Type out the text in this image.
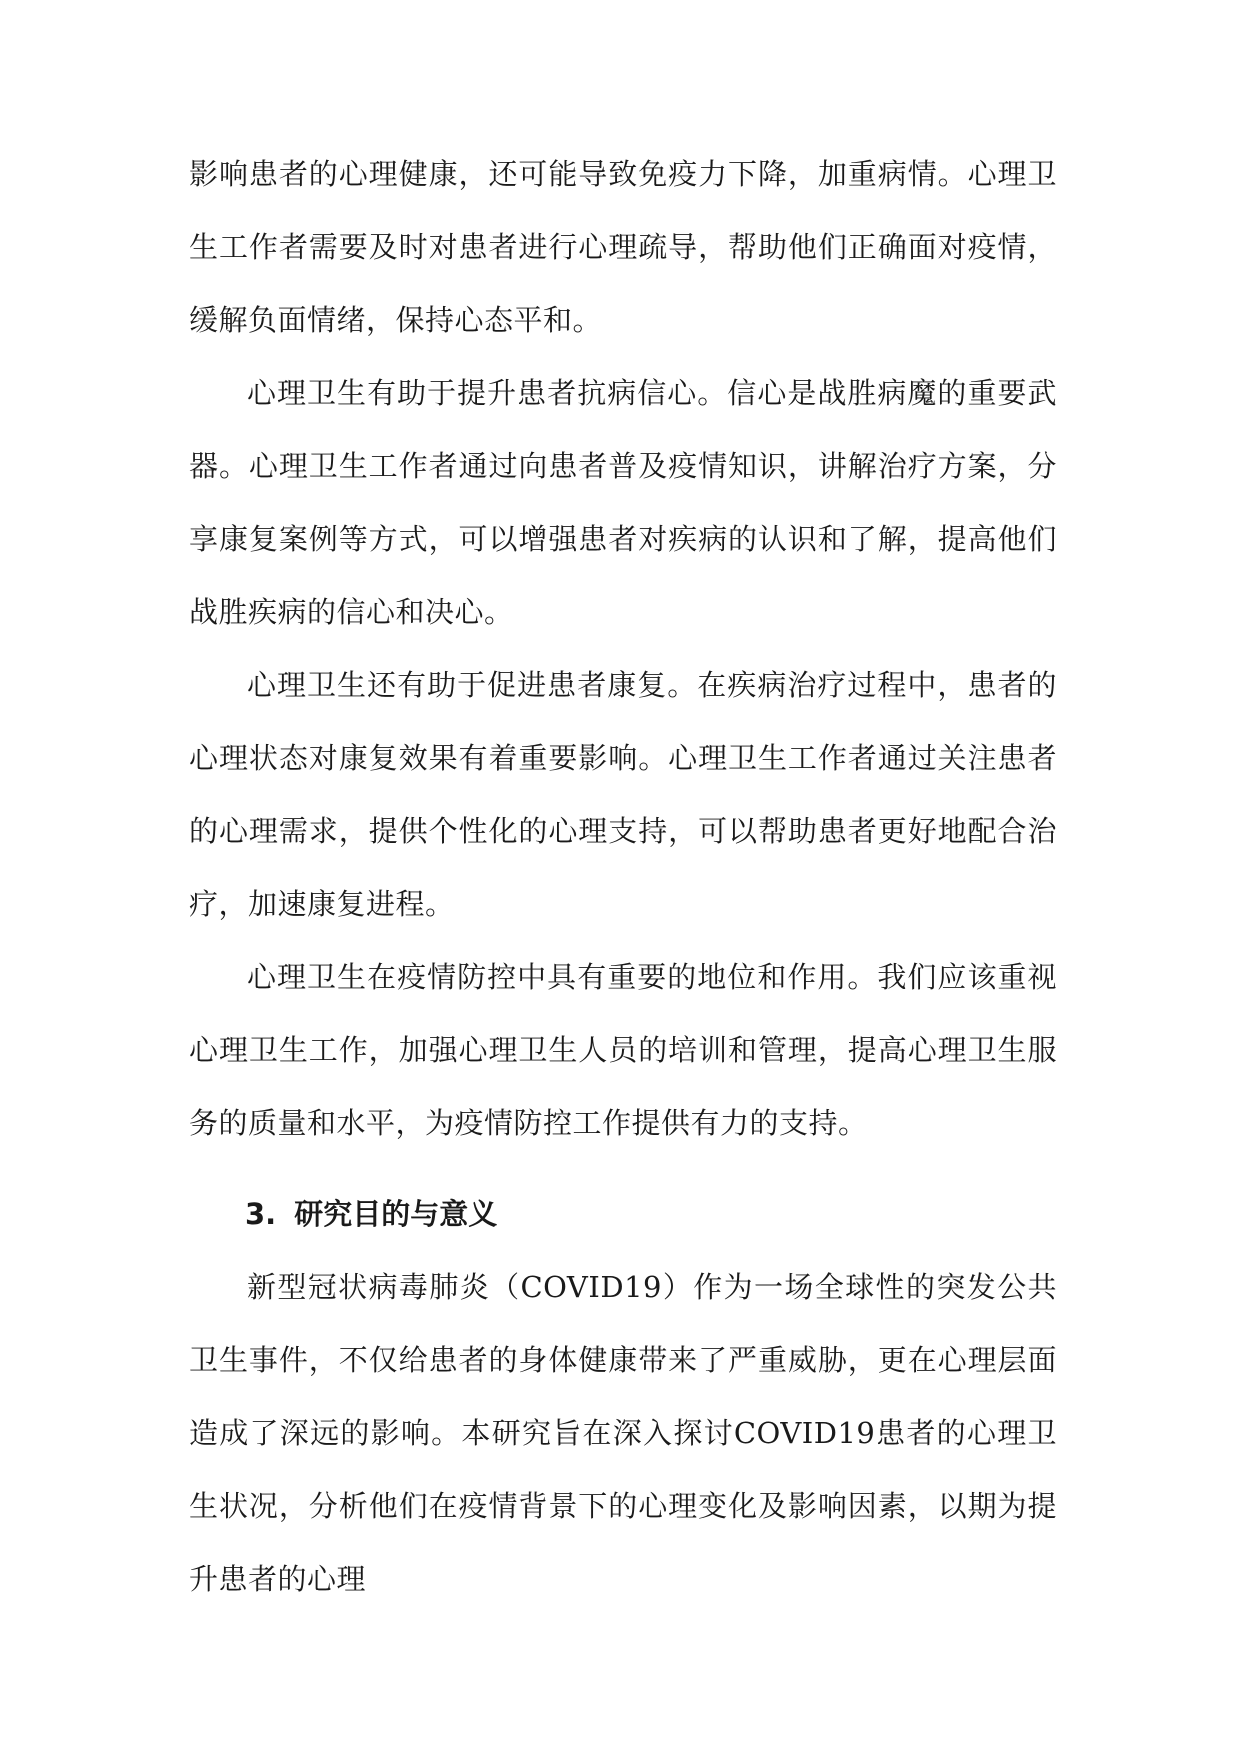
影响患者的心理健康，还可能导致免疫力下降，加重病情。心理卫生工作者需要及时对患者进行心理疏导，帮助他们正确面对疫情，缓解负面情绪，保持心态平和。

心理卫生有助于提升患者抗病信心。信心是战胜病魔的重要武器。心理卫生工作者通过向患者普及疫情知识，讲解治疗方案，分享康复案例等方式，可以增强患者对疾病的认识和了解，提高他们战胜疾病的信心和决心。

心理卫生还有助于促进患者康复。在疾病治疗过程中，患者的心理状态对康复效果有着重要影响。心理卫生工作者通过关注患者的心理需求，提供个性化的心理支持，可以帮助患者更好地配合治疗，加速康复进程。

心理卫生在疫情防控中具有重要的地位和作用。我们应该重视心理卫生工作，加强心理卫生人员的培训和管理，提高心理卫生服务的质量和水平，为疫情防控工作提供有力的支持。

3. 研究目的与意义

新型冠状病毒肺炎（COVID19）作为一场全球性的突发公共卫生事件，不仅给患者的身体健康带来了严重威胁，更在心理层面造成了深远的影响。本研究旨在深入探讨COVID19患者的心理卫生状况，分析他们在疫情背景下的心理变化及影响因素，以期为提升患者的心理
